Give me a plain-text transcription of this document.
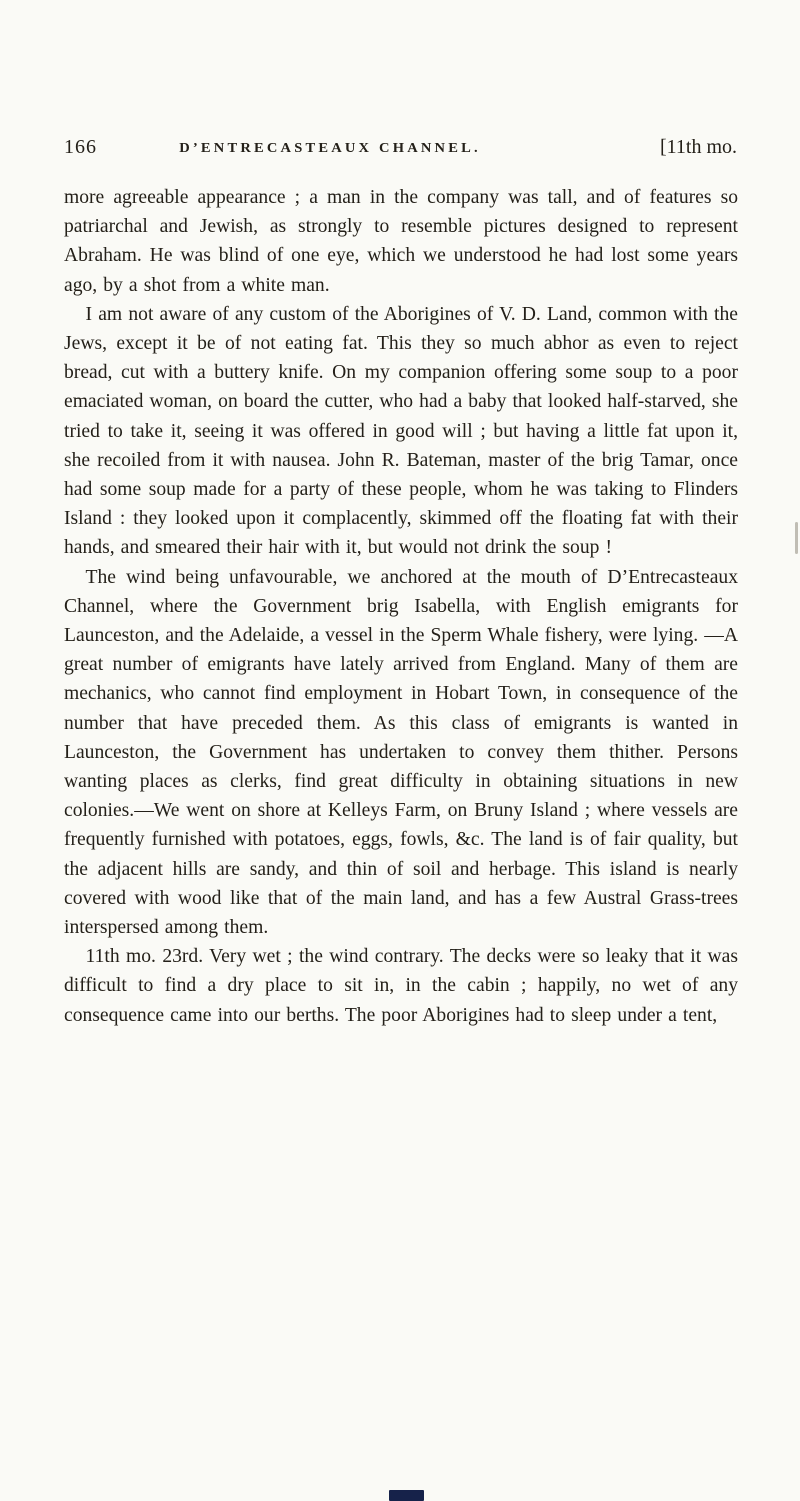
166	D’ENTRECASTEAUX CHANNEL.	[11th mo.

more agreeable appearance ; a man in the company was tall, and of features so patriarchal and Jewish, as strongly to resemble pictures designed to represent Abraham. He was blind of one eye, which we understood he had lost some years ago, by a shot from a white man.

I am not aware of any custom of the Aborigines of V. D. Land, common with the Jews, except it be of not eating fat. This they so much abhor as even to reject bread, cut with a buttery knife. On my companion offering some soup to a poor emaciated woman, on board the cutter, who had a baby that looked half-starved, she tried to take it, seeing it was offered in good will ; but having a little fat upon it, she recoiled from it with nausea. John R. Bateman, master of the brig Tamar, once had some soup made for a party of these people, whom he was taking to Flinders Island : they looked upon it complacently, skimmed off the floating fat with their hands, and smeared their hair with it, but would not drink the soup !

The wind being unfavourable, we anchored at the mouth of D’Entrecasteaux Channel, where the Government brig Isabella, with English emigrants for Launceston, and the Adelaide, a vessel in the Sperm Whale fishery, were lying. —A great number of emigrants have lately arrived from England. Many of them are mechanics, who cannot find employment in Hobart Town, in consequence of the number that have preceded them. As this class of emigrants is wanted in Launceston, the Government has undertaken to convey them thither. Persons wanting places as clerks, find great difficulty in obtaining situations in new colonies.—We went on shore at Kelleys Farm, on Bruny Island ; where vessels are frequently furnished with potatoes, eggs, fowls, &c. The land is of fair quality, but the adjacent hills are sandy, and thin of soil and herbage. This island is nearly covered with wood like that of the main land, and has a few Austral Grass-trees interspersed among them.

11th mo. 23rd. Very wet ; the wind contrary. The decks were so leaky that it was difficult to find a dry place to sit in, in the cabin ; happily, no wet of any consequence came into our berths. The poor Aborigines had to sleep under a tent,
